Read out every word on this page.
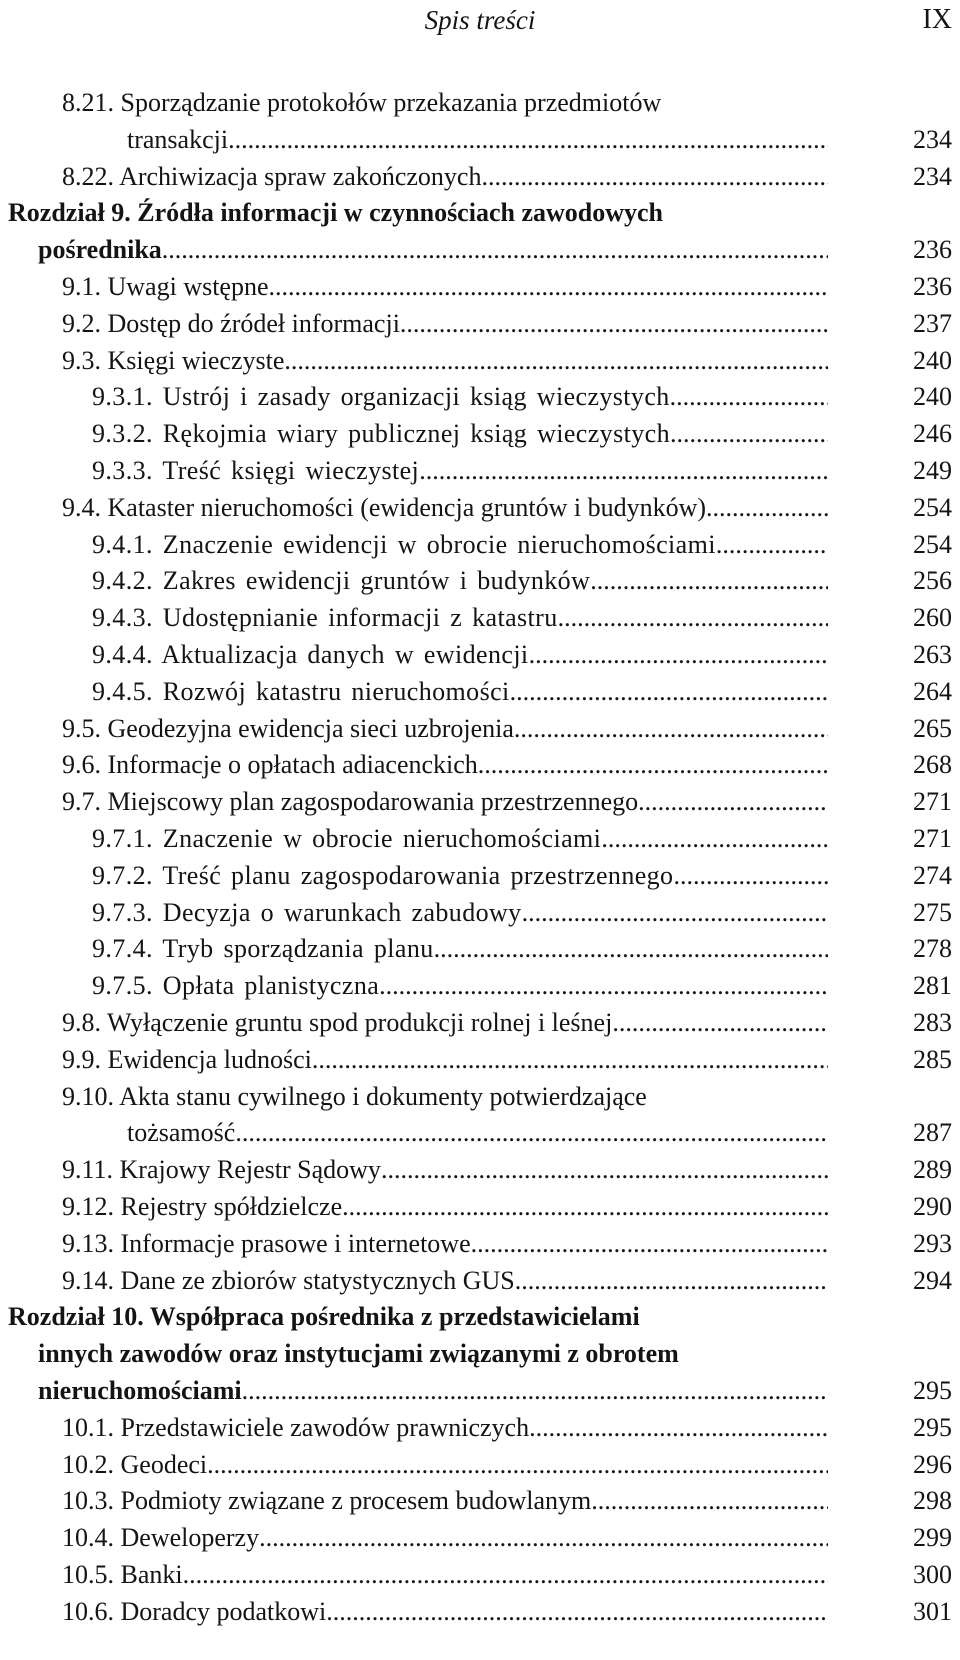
Spis treści	IX
8.21. Sporządzanie protokołów przekazania przedmiotów
transakcji .....	234
8.22. Archiwizacja spraw zakończonych .....	234
Rozdział 9. Źródła informacji w czynnościach zawodowych
pośrednika .....	236
9.1. Uwagi wstępne .....	236
9.2. Dostęp do źródeł informacji .....	237
9.3. Księgi wieczyste .....	240
9.3.1. Ustrój i zasady organizacji ksiąg wieczystych .....	240
9.3.2. Rękojmia wiary publicznej ksiąg wieczystych .....	246
9.3.3. Treść księgi wieczystej .....	249
9.4. Kataster nieruchomości (ewidencja gruntów i budynków) .....	254
9.4.1. Znaczenie ewidencji w obrocie nieruchomościami .....	254
9.4.2. Zakres ewidencji gruntów i budynków .....	256
9.4.3. Udostępnianie informacji z katastru .....	260
9.4.4. Aktualizacja danych w ewidencji .....	263
9.4.5. Rozwój katastru nieruchomości .....	264
9.5. Geodezyjna ewidencja sieci uzbrojenia .....	265
9.6. Informacje o opłatach adiacenckich .....	268
9.7. Miejscowy plan zagospodarowania przestrzennego .....	271
9.7.1. Znaczenie w obrocie nieruchomościami .....	271
9.7.2. Treść planu zagospodarowania przestrzennego .....	274
9.7.3. Decyzja o warunkach zabudowy .....	275
9.7.4. Tryb sporządzania planu .....	278
9.7.5. Opłata planistyczna .....	281
9.8. Wyłączenie gruntu spod produkcji rolnej i leśnej .....	283
9.9. Ewidencja ludności .....	285
9.10. Akta stanu cywilnego i dokumenty potwierdzające
tożsamość .....	287
9.11. Krajowy Rejestr Sądowy .....	289
9.12. Rejestry spółdzielcze .....	290
9.13. Informacje prasowe i internetowe .....	293
9.14. Dane ze zbiorów statystycznych GUS .....	294
Rozdział 10. Współpraca pośrednika z przedstawicielami
innych zawodów oraz instytucjami związanymi z obrotem
nieruchomościami .....	295
10.1. Przedstawiciele zawodów prawniczych .....	295
10.2. Geodeci .....	296
10.3. Podmioty związane z procesem budowlanym .....	298
10.4. Deweloperzy .....	299
10.5. Banki .....	300
10.6. Doradcy podatkowi .....	301
